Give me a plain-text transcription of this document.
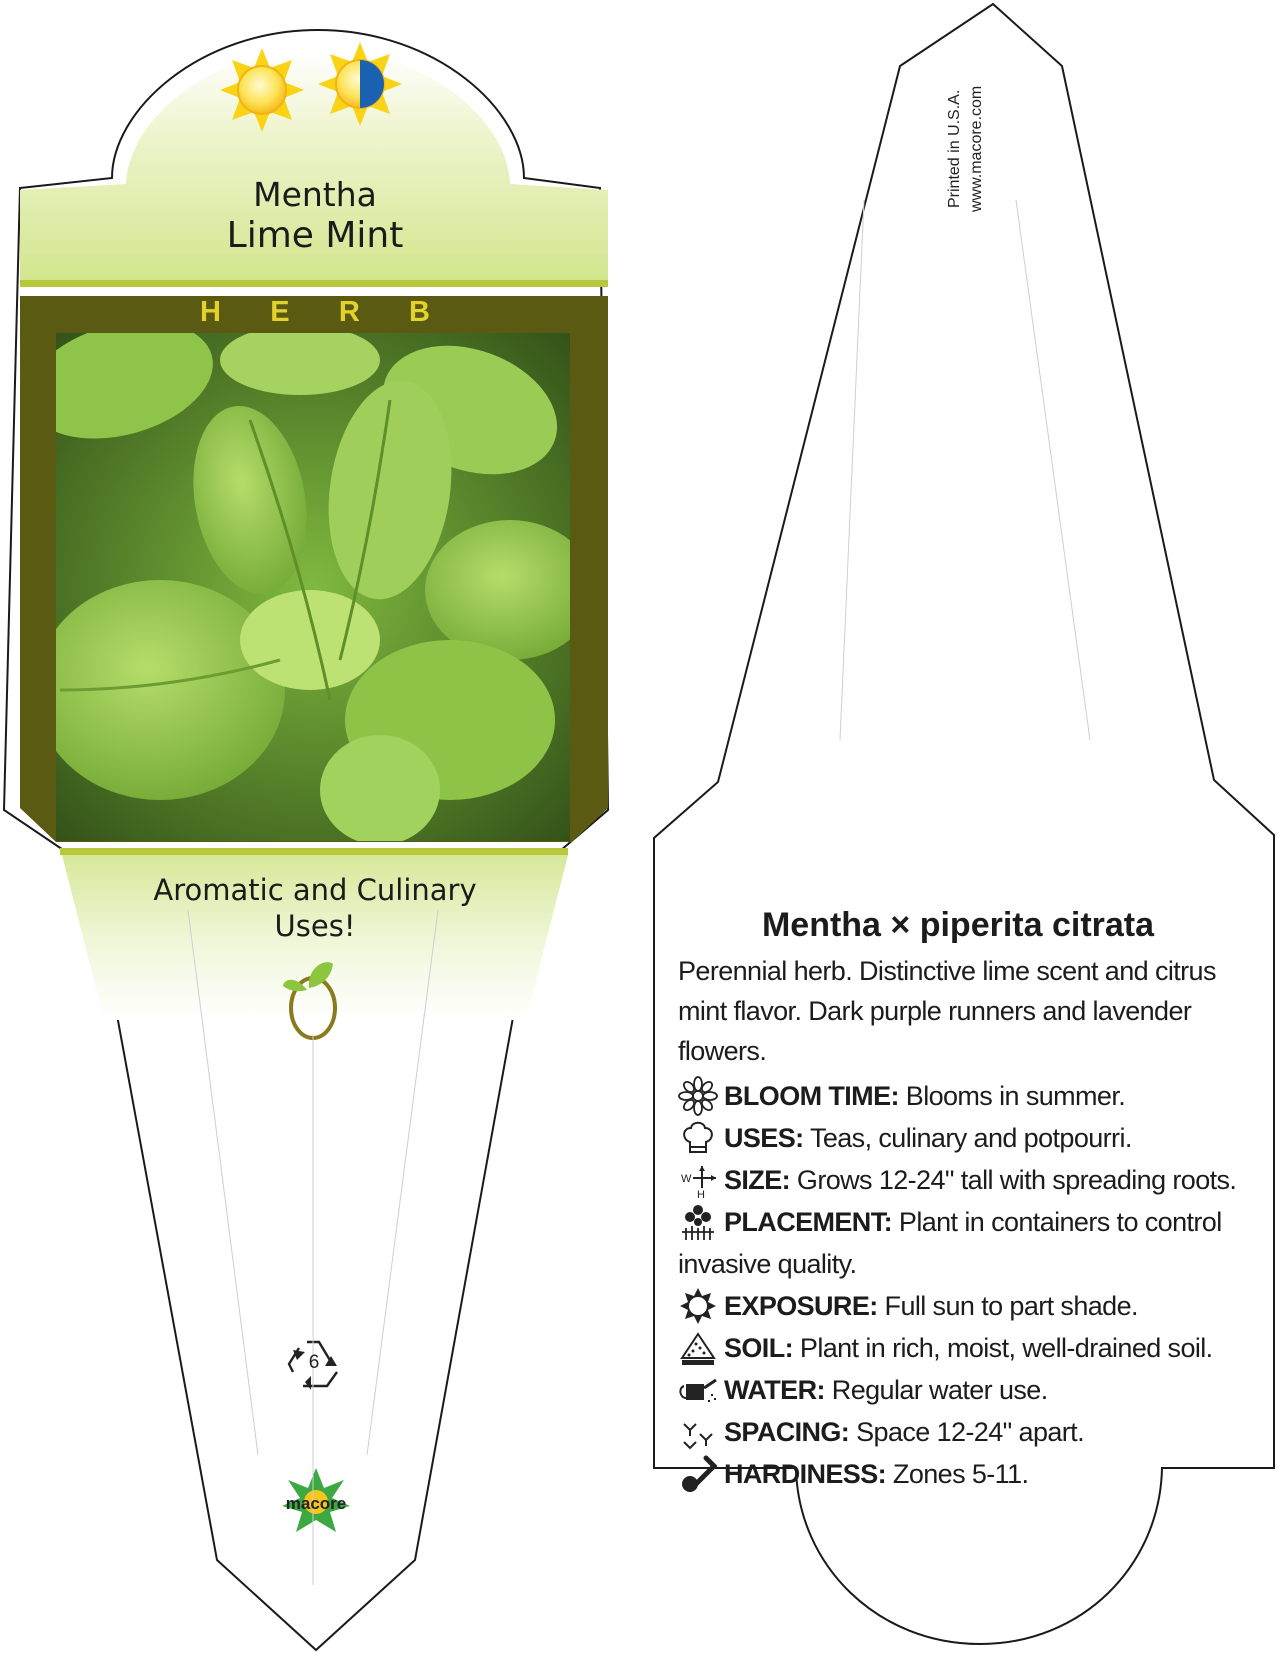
Mentha
Lime Mint
H E R B
Aromatic and Culinary Uses!
6
macore
Printed in U.S.A. www.macore.com
Mentha × piperita citrata

Perennial herb. Distinctive lime scent and citrus mint flavor. Dark purple runners and lavender flowers.

BLOOM TIME: Blooms in summer.
USES: Teas, culinary and potpourri.
W
H SIZE: Grows 12-24" tall with spreading roots.
PLACEMENT: Plant in containers to control invasive quality.
EXPOSURE: Full sun to part shade.
SOIL: Plant in rich, moist, well-drained soil.
WATER: Regular water use.
SPACING: Space 12-24" apart.
HARDINESS: Zones 5-11.
